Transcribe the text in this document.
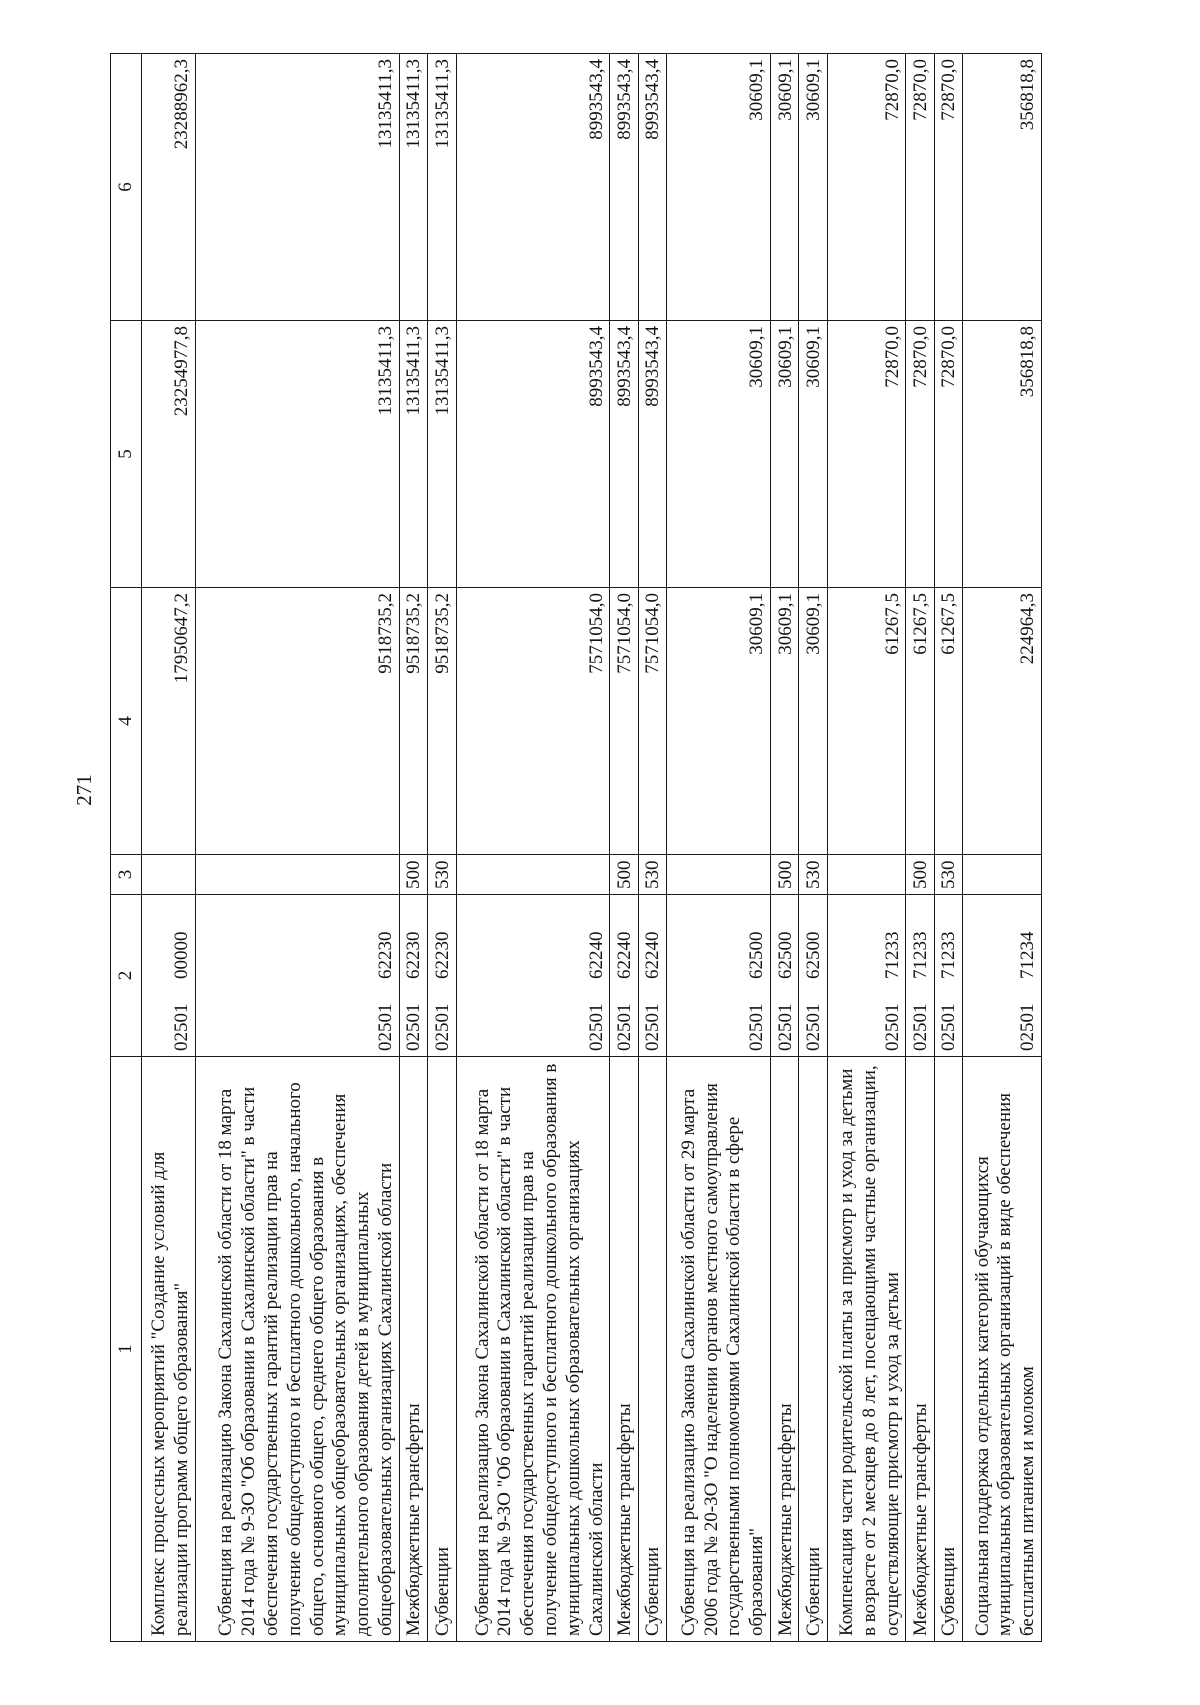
271
1	2	3	4	5	6
Комплекс процессных мероприятий "Создание условий для реализации программ общего образования"	0250100000		17950647,2	23254977,8	23288962,3
Субвенция на реализацию Закона Сахалинской области от 18 марта 2014 года № 9-ЗО "Об образовании в Сахалинской области" в части обеспечения государственных гарантий реализации прав на получение общедоступного и бесплатного дошкольного, начального общего, основного общего, среднего общего образования в муниципальных общеобразовательных организациях, обеспечения дополнительного образования детей в муниципальных общеобразовательных организациях Сахалинской области	0250162230		9518735,2	13135411,3	13135411,3
Межбюджетные трансферты	0250162230	500	9518735,2	13135411,3	13135411,3
Субвенции	0250162230	530	9518735,2	13135411,3	13135411,3
Субвенция на реализацию Закона Сахалинской области от 18 марта 2014 года № 9-ЗО "Об образовании в Сахалинской области" в части обеспечения государственных гарантий реализации прав на получение общедоступного и бесплатного дошкольного образования в муниципальных дошкольных образовательных организациях Сахалинской области	0250162240		7571054,0	8993543,4	8993543,4
Межбюджетные трансферты	0250162240	500	7571054,0	8993543,4	8993543,4
Субвенции	0250162240	530	7571054,0	8993543,4	8993543,4
Субвенция на реализацию Закона Сахалинской области от 29 марта 2006 года № 20-ЗО "О наделении органов местного самоуправления государственными полномочиями Сахалинской области в сфере образования"	0250162500		30609,1	30609,1	30609,1
Межбюджетные трансферты	0250162500	500	30609,1	30609,1	30609,1
Субвенции	0250162500	530	30609,1	30609,1	30609,1
Компенсация части родительской платы за присмотр и уход за детьми в возрасте от 2 месяцев до 8 лет, посещающими частные организации, осуществляющие присмотр и уход за детьми	0250171233		61267,5	72870,0	72870,0
Межбюджетные трансферты	0250171233	500	61267,5	72870,0	72870,0
Субвенции	0250171233	530	61267,5	72870,0	72870,0
Социальная поддержка отдельных категорий обучающихся муниципальных образовательных организаций в виде обеспечения бесплатным питанием и молоком	0250171234		224964,3	356818,8	356818,8
